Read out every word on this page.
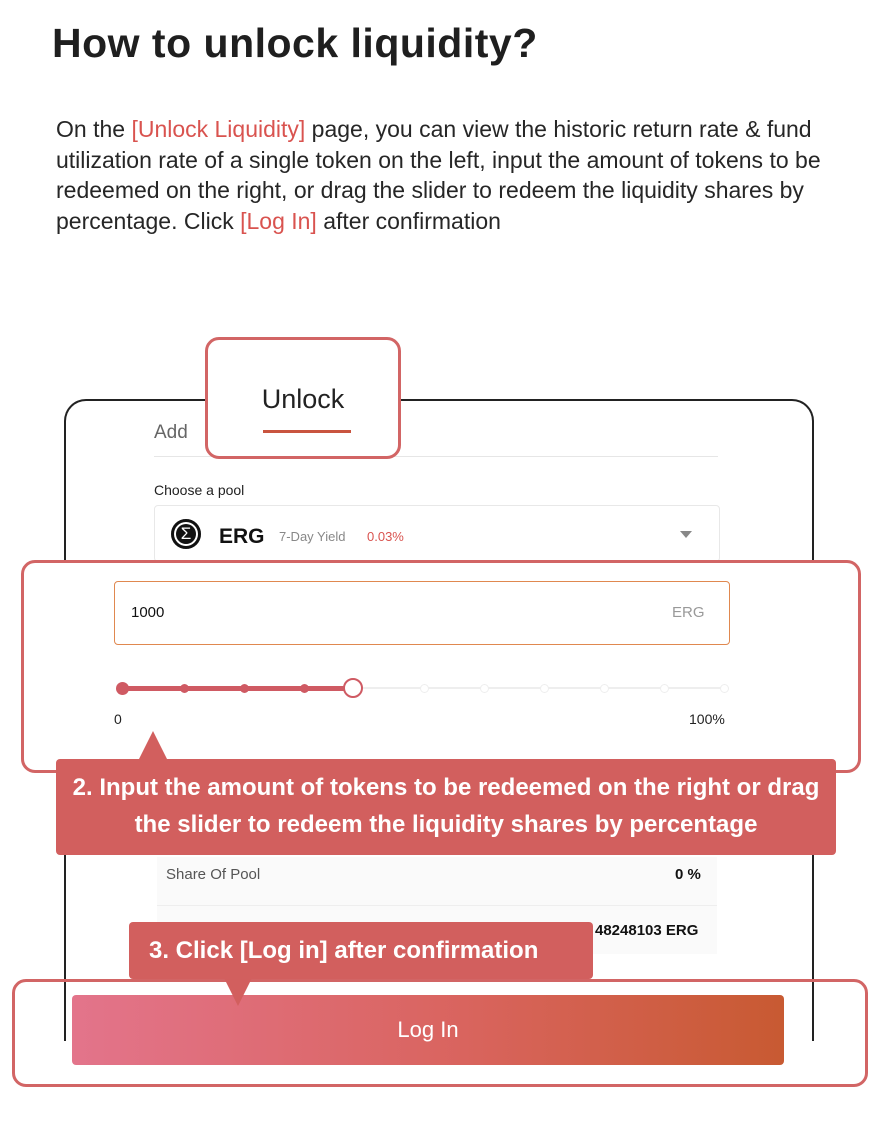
How to unlock liquidity?
On the [Unlock Liquidity] page, you can view the historic return rate & fund utilization rate of a single token on the left, input the amount of tokens to be redeemed on the right, or drag the slider to redeem the liquidity shares by percentage. Click [Log In] after confirmation
Add
Unlock
Choose a pool
Σ	ERG 7-Day Yield 0.03%
1000	ERG
0	100%
Share Of Pool	0 %
48248103 ERG
2. Input the amount of tokens to be redeemed on the right or drag the slider to redeem the liquidity shares by percentage
Log In
3. Click [Log in] after confirmation
